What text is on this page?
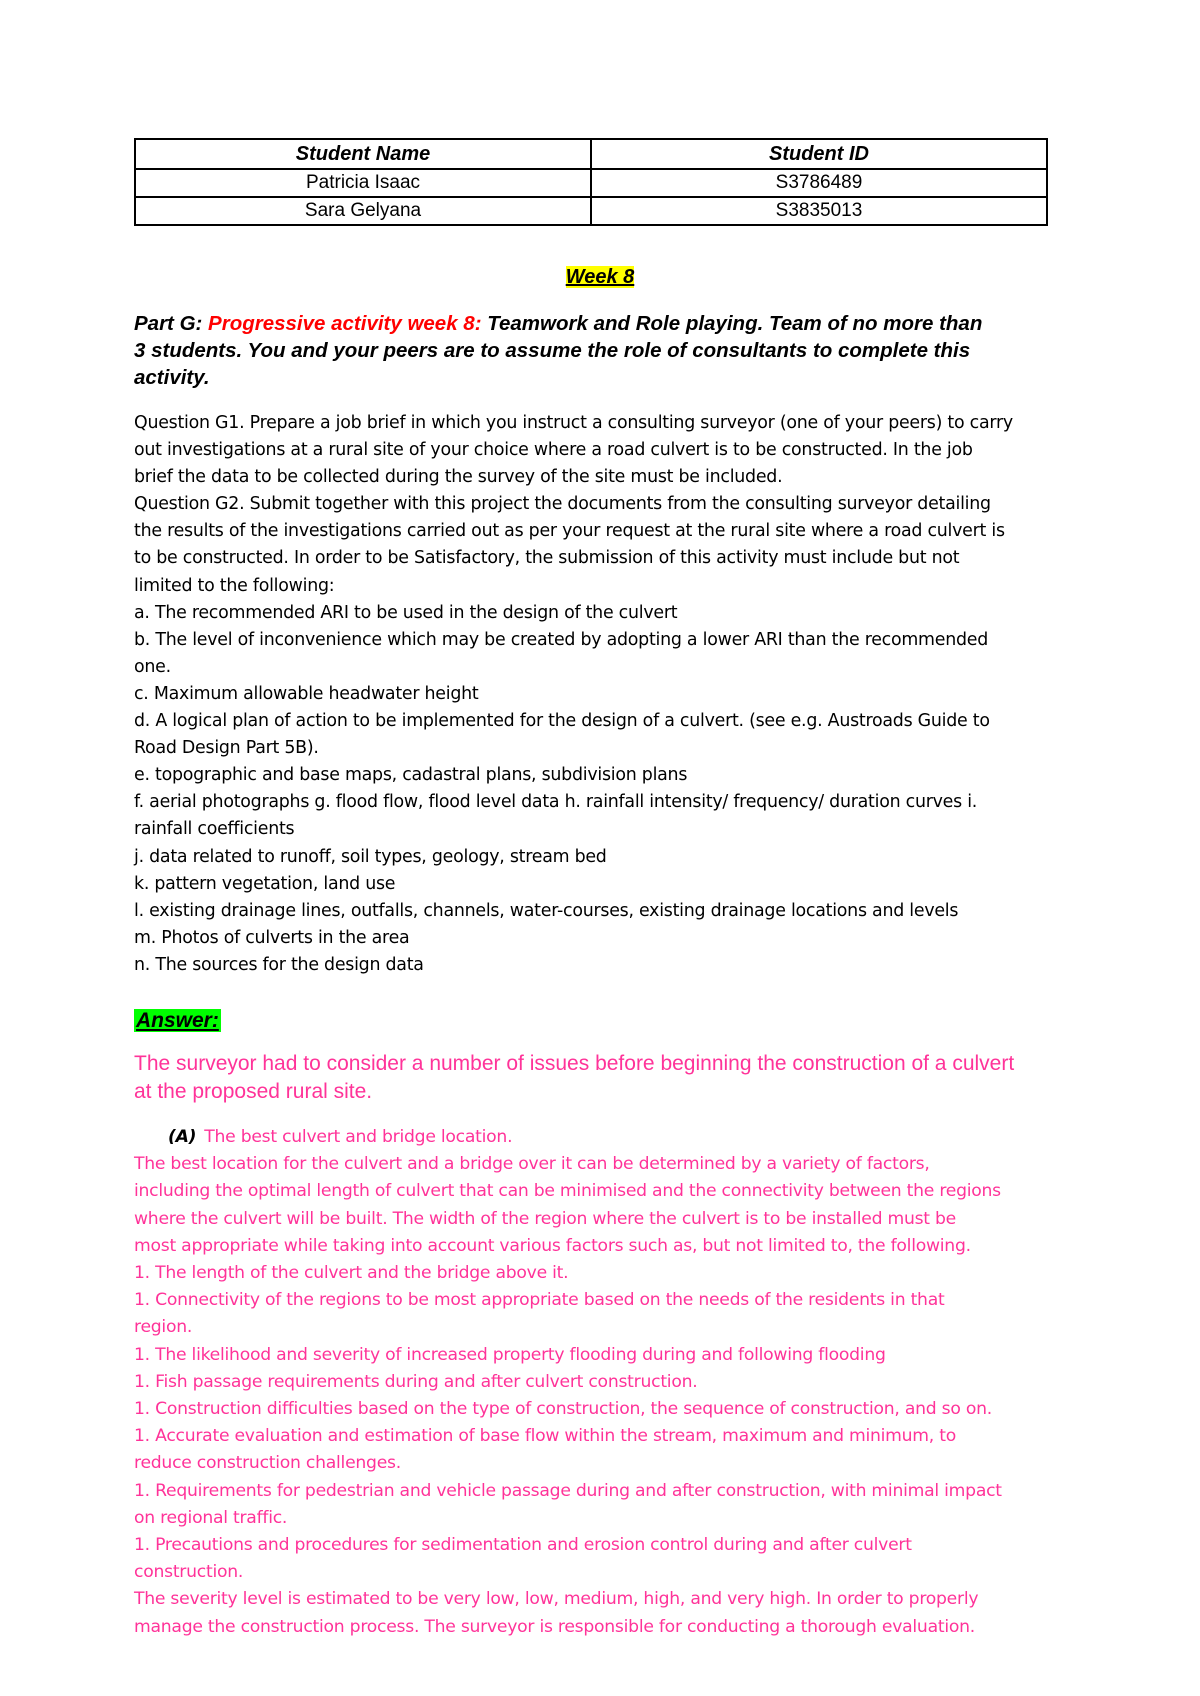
Student Name	Student ID
Patricia Isaac	S3786489
Sara Gelyana	S3835013
Week 8
Part G: Progressive activity week 8: Teamwork and Role playing. Team of no more than
3 students. You and your peers are to assume the role of consultants to complete this
activity.
Question G1. Prepare a job brief in which you instruct a consulting surveyor (one of your peers) to carry
out investigations at a rural site of your choice where a road culvert is to be constructed. In the job
brief the data to be collected during the survey of the site must be included.
Question G2. Submit together with this project the documents from the consulting surveyor detailing
the results of the investigations carried out as per your request at the rural site where a road culvert is
to be constructed. In order to be Satisfactory, the submission of this activity must include but not
limited to the following:
a. The recommended ARI to be used in the design of the culvert
b. The level of inconvenience which may be created by adopting a lower ARI than the recommended
one.
c. Maximum allowable headwater height
d. A logical plan of action to be implemented for the design of a culvert. (see e.g. Austroads Guide to
Road Design Part 5B).
e. topographic and base maps, cadastral plans, subdivision plans
f. aerial photographs g. flood flow, flood level data h. rainfall intensity/ frequency/ duration curves i.
rainfall coefficients
j. data related to runoff, soil types, geology, stream bed
k. pattern vegetation, land use
l. existing drainage lines, outfalls, channels, water-courses, existing drainage locations and levels
m. Photos of culverts in the area
n. The sources for the design data
Answer:
The surveyor had to consider a number of issues before beginning the construction of a culvert
at the proposed rural site.
(A) The best culvert and bridge location.
The best location for the culvert and a bridge over it can be determined by a variety of factors,
including the optimal length of culvert that can be minimised and the connectivity between the regions
where the culvert will be built. The width of the region where the culvert is to be installed must be
most appropriate while taking into account various factors such as, but not limited to, the following.
1. The length of the culvert and the bridge above it.
1. Connectivity of the regions to be most appropriate based on the needs of the residents in that
region.
1. The likelihood and severity of increased property flooding during and following flooding
1. Fish passage requirements during and after culvert construction.
1. Construction difficulties based on the type of construction, the sequence of construction, and so on.
1. Accurate evaluation and estimation of base flow within the stream, maximum and minimum, to
reduce construction challenges.
1. Requirements for pedestrian and vehicle passage during and after construction, with minimal impact
on regional traffic.
1. Precautions and procedures for sedimentation and erosion control during and after culvert
construction.
The severity level is estimated to be very low, low, medium, high, and very high. In order to properly
manage the construction process. The surveyor is responsible for conducting a thorough evaluation.
